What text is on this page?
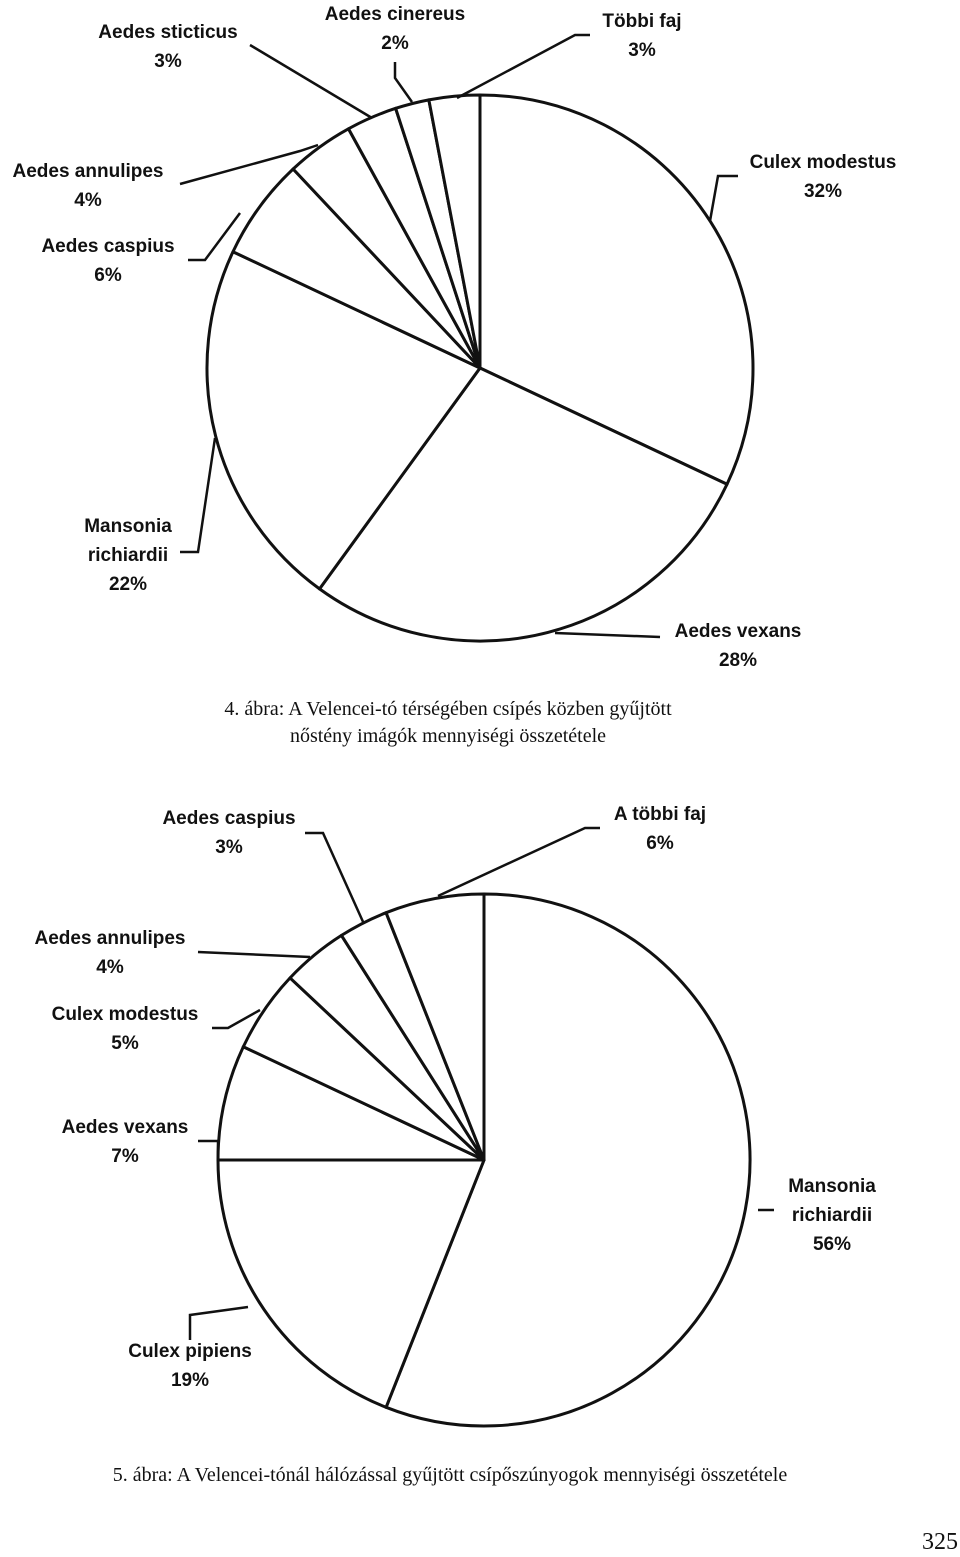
Culex modestus 32%
Aedes vexans 28%
Mansonia richiardii 22%
Aedes caspius 6%
Aedes annulipes 4%
Aedes sticticus 3%
Aedes cinereus 2%
Többi faj 3%
4. ábra: A Velencei-tó térségében csípés közben gyűjtött
nőstény imágók mennyiségi összetétele
Mansonia richiardii 56%
Culex pipiens 19%
Aedes vexans 7%
Culex modestus 5%
Aedes annulipes 4%
Aedes caspius 3%
A többi faj 6%
5. ábra: A Velencei-tónál hálózással gyűjtött csípőszúnyogok mennyiségi összetétele
325
